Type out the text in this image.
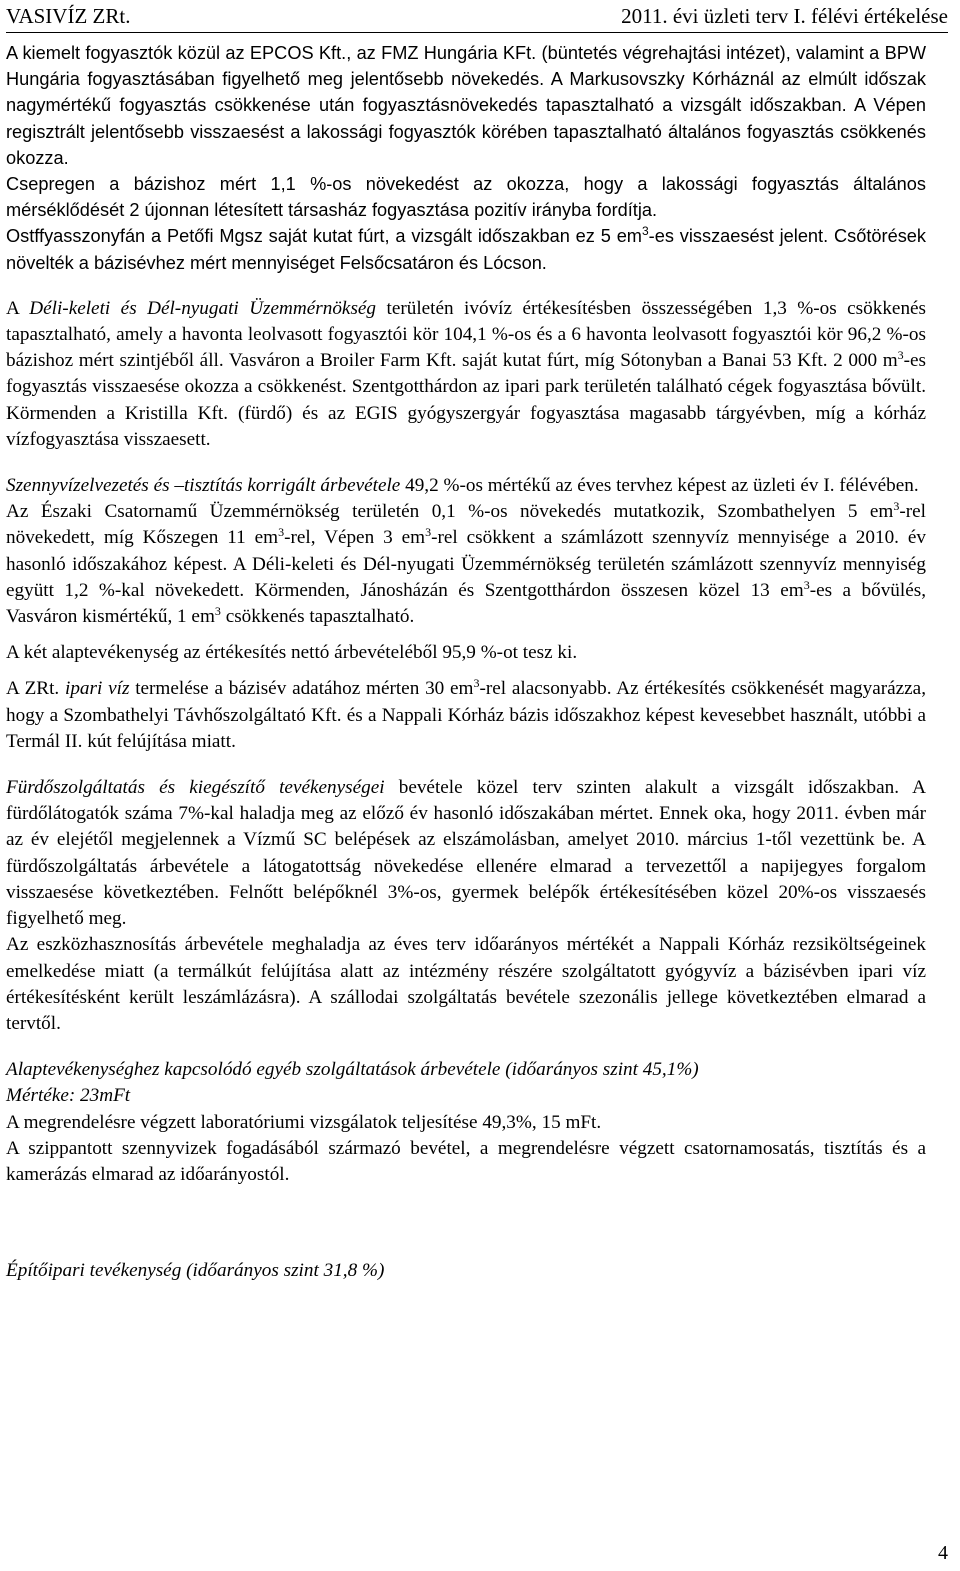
VASIVÍZ ZRt.	2011. évi üzleti terv I. félévi értékelése

A kiemelt fogyasztók közül az EPCOS Kft., az FMZ Hungária KFt. (büntetés végrehajtási intézet), valamint a BPW Hungária fogyasztásában figyelhető meg jelentősebb növekedés. A Markusovszky Kórháznál az elmúlt időszak nagymértékű fogyasztás csökkenése után fogyasztásnövekedés tapasztalható a vizsgált időszakban. A Vépen regisztrált jelentősebb visszaesést a lakossági fogyasztók körében tapasztalható általános fogyasztás csökkenés okozza.

Csepregen a bázishoz mért 1,1 %-os növekedést az okozza, hogy a lakossági fogyasztás általános mérséklődését 2 újonnan létesített társasház fogyasztása pozitív irányba fordítja.

Ostffyasszonyfán a Petőfi Mgsz saját kutat fúrt, a vizsgált időszakban ez 5 $em^3-es$ visszaesést jelent. Csőtörések növelték a bázisévhez mért mennyiséget Felsőcsatáron és Lócson.

A Déli-keleti és Dél-nyugati Üzemmérnökség területén ivóvíz értékesítésben összességében 1,3 %-os csökkenés tapasztalható, amely a havonta leolvasott fogyasztói kör 104,1 %-os és a 6 havonta leolvasott fogyasztói kör 96,2 %-os bázishoz mért szintjéből áll. Vasváron a Broiler Farm Kft. saját kutat fúrt, míg Sótonyban a Banai 53 Kft. 2 000 $m^3-es$ fogyasztás visszaesése okozza a csökkenést. Szentgotthárdon az ipari park területén található cégek fogyasztása bővült. Körmenden a Kristilla Kft. (fürdő) és az EGIS gyógyszergyár fogyasztása magasabb tárgyévben, míg a kórház vízfogyasztása visszaesett.

Szennyvízelvezetés és –tisztítás korrigált árbevétele 49,2 %-os mértékű az éves tervhez képest az üzleti év I. félévében.

Az Északi Csatornamű Üzemmérnökség területén 0,1 %-os növekedés mutatkozik, Szombathelyen 5 $em^3$-rel növekedett, míg Kőszegen 11 $em^3$-rel, Vépen 3 $em^3$-rel csökkent a számlázott szennyvíz mennyisége a 2010. év hasonló időszakához képest. A Déli-keleti és Dél-nyugati Üzemmérnökség területén számlázott szennyvíz mennyiség együtt 1,2 %-kal növekedett. Körmenden, Jánosházán és Szentgotthárdon összesen közel 13 $em^3-es$ a bővülés, Vasváron kismértékű, 1 $em^3$ csökkenés tapasztalható.

A két alaptevékenység az értékesítés nettó árbevételéből 95,9 %-ot tesz ki.

A ZRt. ipari víz termelése a bázisév adatához mérten 30 $em^3$-rel alacsonyabb. Az értékesítés csökkenését magyarázza, hogy a Szombathelyi Távhőszolgáltató Kft. és a Nappali Kórház bázis időszakhoz képest kevesebbet használt, utóbbi a Termál II. kút felújítása miatt.

Fürdőszolgáltatás és kiegészítő tevékenységei bevétele közel terv szinten alakult a vizsgált időszakban. A fürdőlátogatók száma 7%-kal haladja meg az előző év hasonló időszakában mértet. Ennek oka, hogy 2011. évben már az év elejétől megjelennek a Vízmű SC belépések az elszámolásban, amelyet 2010. március 1-től vezettünk be. A fürdőszolgáltatás árbevétele a látogatottság növekedése ellenére elmarad a tervezettől a napijegyes forgalom visszaesése következtében. Felnőtt belépőknél 3%-os, gyermek belépők értékesítésében közel 20%-os visszaesés figyelhető meg.

Az eszközhasznosítás árbevétele meghaladja az éves terv időarányos mértékét a Nappali Kórház rezsiköltségeinek emelkedése miatt (a termálkút felújítása alatt az intézmény részére szolgáltatott gyógyvíz a bázisévben ipari víz értékesítésként került leszámlázásra). A szállodai szolgáltatás bevétele szezonális jellege következtében elmarad a tervtől.

Alaptevékenységhez kapcsolódó egyéb szolgáltatások árbevétele (időarányos szint 45,1%)

Mértéke: 23mFt

A megrendelésre végzett laboratóriumi vizsgálatok teljesítése 49,3%, 15 mFt.

A szippantott szennyvizek fogadásából származó bevétel, a megrendelésre végzett csatornamosatás, tisztítás és a kamerázás elmarad az időarányostól.

Építőipari tevékenység (időarányos szint 31,8 %)

4
